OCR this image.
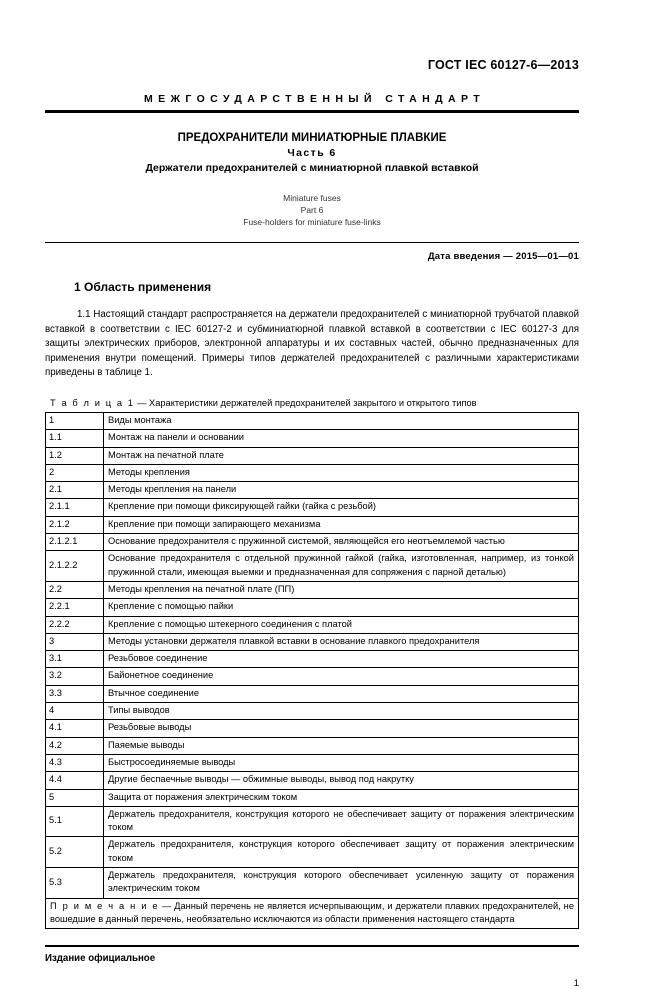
ГОСТ IEC 60127-6—2013
МЕЖГОСУДАРСТВЕННЫЙ СТАНДАРТ
ПРЕДОХРАНИТЕЛИ МИНИАТЮРНЫЕ ПЛАВКИЕ
Часть 6
Держатели предохранителей с миниатюрной плавкой вставкой
Miniature fuses
Part 6
Fuse-holders for miniature fuse-links
Дата введения — 2015—01—01
1 Область применения
1.1 Настоящий стандарт распространяется на держатели предохранителей с миниатюрной трубчатой плавкой вставкой в соответствии с IEC 60127-2 и субминиатюрной плавкой вставкой в соответствии с IEC 60127-3 для защиты электрических приборов, электронной аппаратуры и их составных частей, обычно предназначенных для применения внутри помещений. Примеры типов держателей предохранителей с различными характеристиками приведены в таблице 1.
Т а б л и ц а 1 — Характеристики держателей предохранителей закрытого и открытого типов
1	Виды монтажа
1.1	Монтаж на панели и основании
1.2	Монтаж на печатной плате
2	Методы крепления
2.1	Методы крепления на панели
2.1.1	Крепление при помощи фиксирующей гайки (гайка с резьбой)
2.1.2	Крепление при помощи запирающего механизма
2.1.2.1	Основание предохранителя с пружинной системой, являющейся его неотъемлемой частью
2.1.2.2	Основание предохранителя с отдельной пружинной гайкой (гайка, изготовленная, например, из тонкой пружинной стали, имеющая выемки и предназначенная для сопряжения с парной деталью)
2.2	Методы крепления на печатной плате (ПП)
2.2.1	Крепление с помощью пайки
2.2.2	Крепление с помощью штекерного соединения с платой
3	Методы установки держателя плавкой вставки в основание плавкого предохранителя
3.1	Резьбовое соединение
3.2	Байонетное соединение
3.3	Втычное соединение
4	Типы выводов
4.1	Резьбовые выводы
4.2	Паяемые выводы
4.3	Быстросоединяемые выводы
4.4	Другие беспаечные выводы — обжимные выводы, вывод под накрутку
5	Защита от поражения электрическим током
5.1	Держатель предохранителя, конструкция которого не обеспечивает защиту от поражения электрическим током
5.2	Держатель предохранителя, конструкция которого обеспечивает защиту от поражения электрическим током
5.3	Держатель предохранителя, конструкция которого обеспечивает усиленную защиту от поражения электрическим током
П р и м е ч а н и е — Данный перечень не является исчерпывающим, и держатели плавких предохранителей, не вошедшие в данный перечень, необязательно исключаются из области применения настоящего стандарта	
Издание официальное
1
